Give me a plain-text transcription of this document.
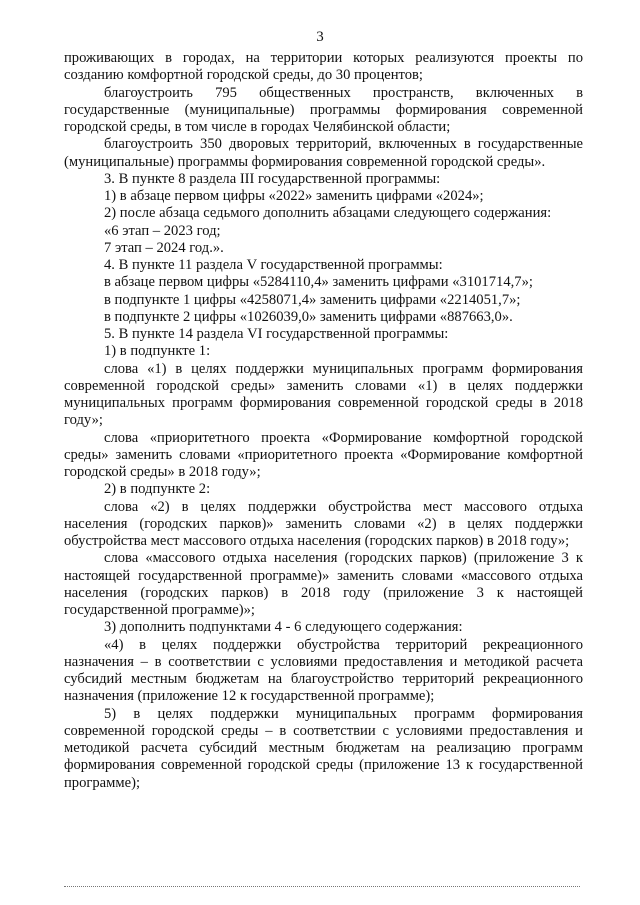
3

проживающих в городах, на территории которых реализуются проекты по созданию комфортной городской среды, до 30 процентов;

благоустроить 795 общественных пространств, включенных в государственные (муниципальные) программы формирования современной городской среды, в том числе в городах Челябинской области;

благоустроить 350 дворовых территорий, включенных в государственные (муниципальные) программы формирования современной городской среды».

3. В пункте 8 раздела III государственной программы:

1) в абзаце первом цифры «2022» заменить цифрами «2024»;

2) после абзаца седьмого дополнить абзацами следующего содержания:

«6 этап – 2023 год;

7 этап – 2024 год.».

4. В пункте 11 раздела V государственной программы:

в абзаце первом цифры «5284110,4» заменить цифрами «3101714,7»;

в подпункте 1 цифры «4258071,4» заменить цифрами «2214051,7»;

в подпункте 2 цифры «1026039,0» заменить цифрами «887663,0».

5. В пункте 14 раздела VI государственной программы:

1) в подпункте 1:

слова «1) в целях поддержки муниципальных программ формирования современной городской среды» заменить словами «1) в целях поддержки муниципальных программ формирования современной городской среды в 2018 году»;

слова «приоритетного проекта «Формирование комфортной городской среды» заменить словами «приоритетного проекта «Формирование комфортной городской среды» в 2018 году»;

2) в подпункте 2:

слова «2) в целях поддержки обустройства мест массового отдыха населения (городских парков)» заменить словами «2) в целях поддержки обустройства мест массового отдыха населения (городских парков) в 2018 году»;

слова «массового отдыха населения (городских парков) (приложение 3 к настоящей государственной программе)» заменить словами «массового отдыха населения (городских парков) в 2018 году (приложение 3 к настоящей государственной программе)»;

3) дополнить подпунктами 4 - 6 следующего содержания:

«4) в целях поддержки обустройства территорий рекреационного назначения – в соответствии с условиями предоставления и методикой расчета субсидий местным бюджетам на благоустройство территорий рекреационного назначения (приложение 12 к государственной программе);

5) в целях поддержки муниципальных программ формирования современной городской среды – в соответствии с условиями предоставления и методикой расчета субсидий местным бюджетам на реализацию программ формирования современной городской среды (приложение 13 к государственной программе);
